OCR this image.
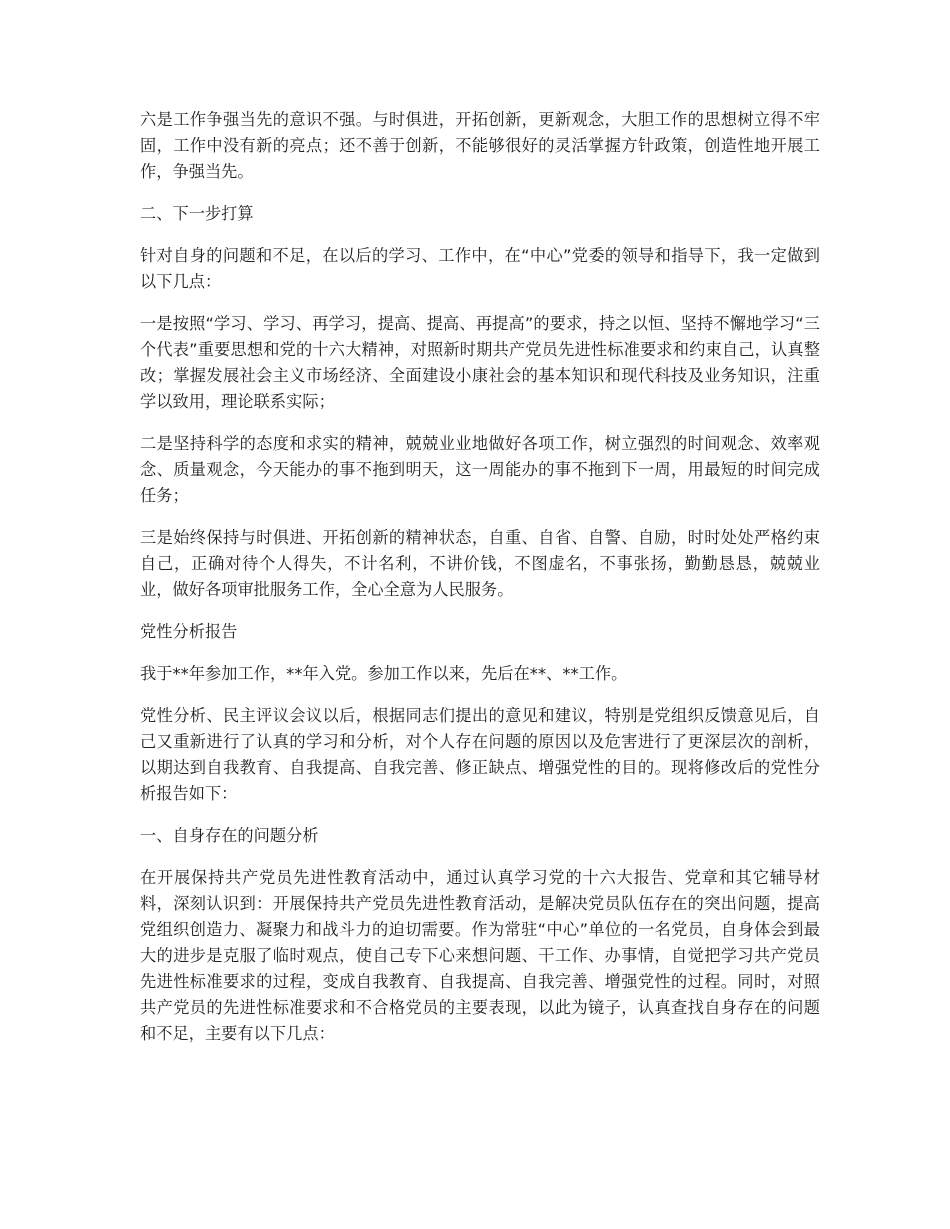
六是工作争强当先的意识不强。与时俱进，开拓创新，更新观念，大胆工作的思想树立得不牢固，工作中没有新的亮点；还不善于创新，不能够很好的灵活掌握方针政策，创造性地开展工作，争强当先。

二、下一步打算

针对自身的问题和不足，在以后的学习、工作中，在“中心”党委的领导和指导下，我一定做到以下几点：

一是按照“学习、学习、再学习，提高、提高、再提高”的要求，持之以恒、坚持不懈地学习“三个代表”重要思想和党的十六大精神，对照新时期共产党员先进性标准要求和约束自己，认真整改；掌握发展社会主义市场经济、全面建设小康社会的基本知识和现代科技及业务知识，注重学以致用，理论联系实际；

二是坚持科学的态度和求实的精神，兢兢业业地做好各项工作，树立强烈的时间观念、效率观念、质量观念，今天能办的事不拖到明天，这一周能办的事不拖到下一周，用最短的时间完成任务；

三是始终保持与时俱进、开拓创新的精神状态，自重、自省、自警、自励，时时处处严格约束自己，正确对待个人得失，不计名利，不讲价钱，不图虚名，不事张扬，勤勤恳恳，兢兢业业，做好各项审批服务工作，全心全意为人民服务。

党性分析报告

我于**年参加工作，**年入党。参加工作以来，先后在**、**工作。

党性分析、民主评议会议以后，根据同志们提出的意见和建议，特别是党组织反馈意见后，自己又重新进行了认真的学习和分析，对个人存在问题的原因以及危害进行了更深层次的剖析，以期达到自我教育、自我提高、自我完善、修正缺点、增强党性的目的。现将修改后的党性分析报告如下：

一、自身存在的问题分析

在开展保持共产党员先进性教育活动中，通过认真学习党的十六大报告、党章和其它辅导材料，深刻认识到：开展保持共产党员先进性教育活动，是解决党员队伍存在的突出问题，提高党组织创造力、凝聚力和战斗力的迫切需要。作为常驻“中心”单位的一名党员，自身体会到最大的进步是克服了临时观点，使自己专下心来想问题、干工作、办事情，自觉把学习共产党员先进性标准要求的过程，变成自我教育、自我提高、自我完善、增强党性的过程。同时，对照共产党员的先进性标准要求和不合格党员的主要表现，以此为镜子，认真查找自身存在的问题和不足，主要有以下几点：
